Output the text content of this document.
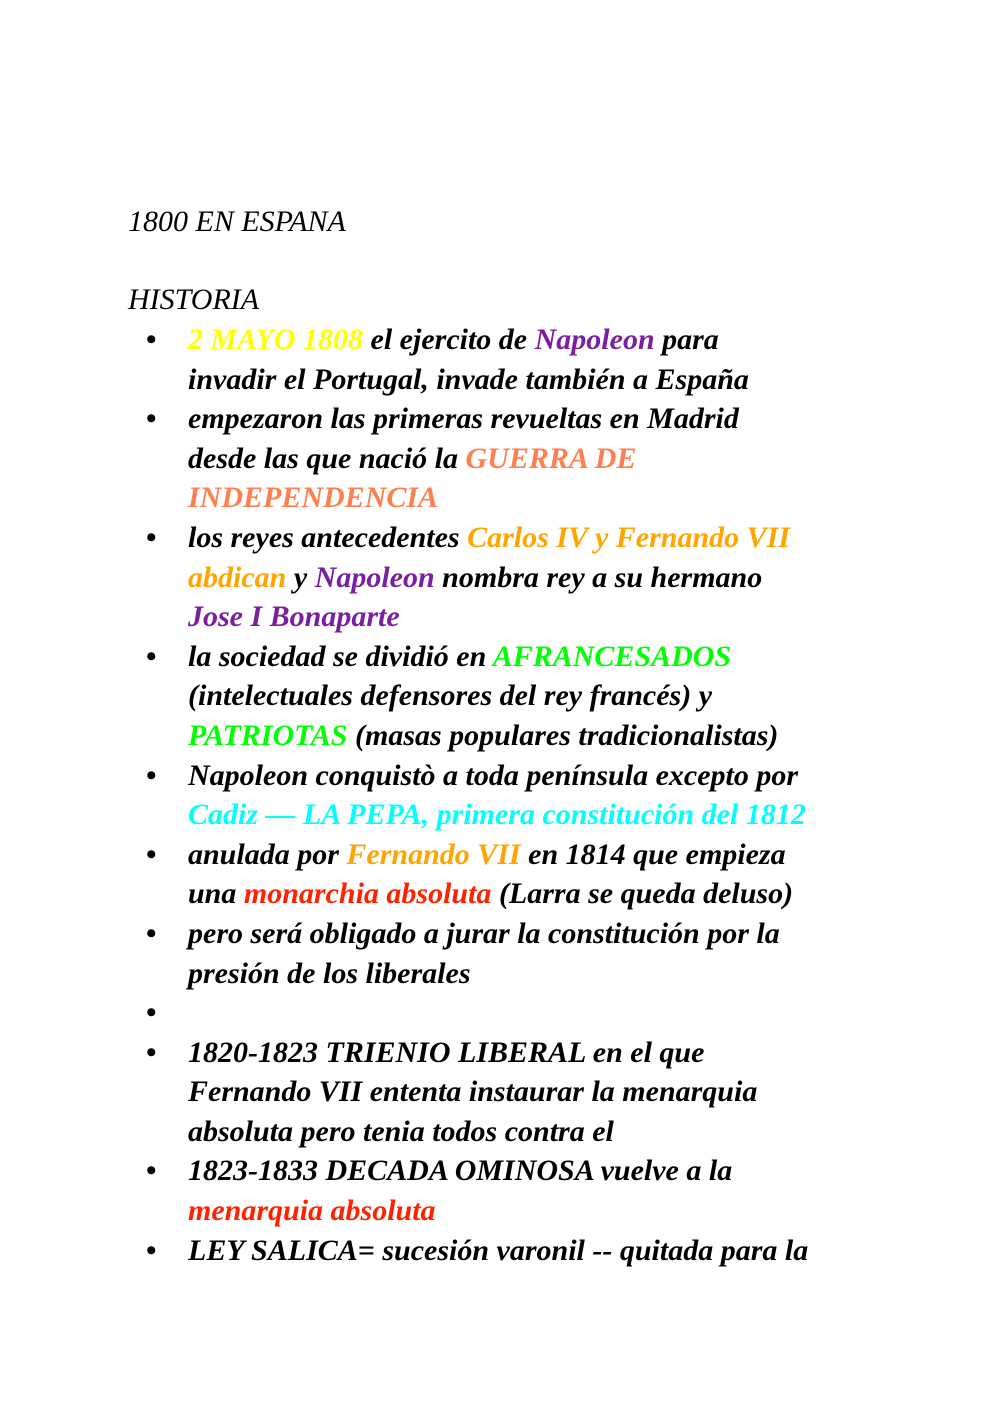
1800 EN ESPANA
HISTORIA
• 2 MAYO 1808 el ejercito de Napoleon para
invadir el Portugal, invade también a España
• empezaron las primeras revueltas en Madrid
desde las que nació la GUERRA DE
INDEPENDENCIA
• los reyes antecedentes Carlos IV y Fernando VII
abdican y Napoleon nombra rey a su hermano
Jose I Bonaparte
• la sociedad se dividió en AFRANCESADOS
(intelectuales defensores del rey francés) y
PATRIOTAS (masas populares tradicionalistas)
• Napoleon conquistò a toda península excepto por
Cadiz — LA PEPA, primera constitución del 1812
• anulada por Fernando VII en 1814 que empieza
una monarchia absoluta (Larra se queda deluso)
• pero será obligado a jurar la constitución por la
presión de los liberales
•

• 1820-1823 TRIENIO LIBERAL en el que
Fernando VII ententa instaurar la menarquia
absoluta pero tenia todos contra el
• 1823-1833 DECADA OMINOSA vuelve a la
menarquia absoluta
• LEY SALICA= sucesión varonil -- quitada para la
